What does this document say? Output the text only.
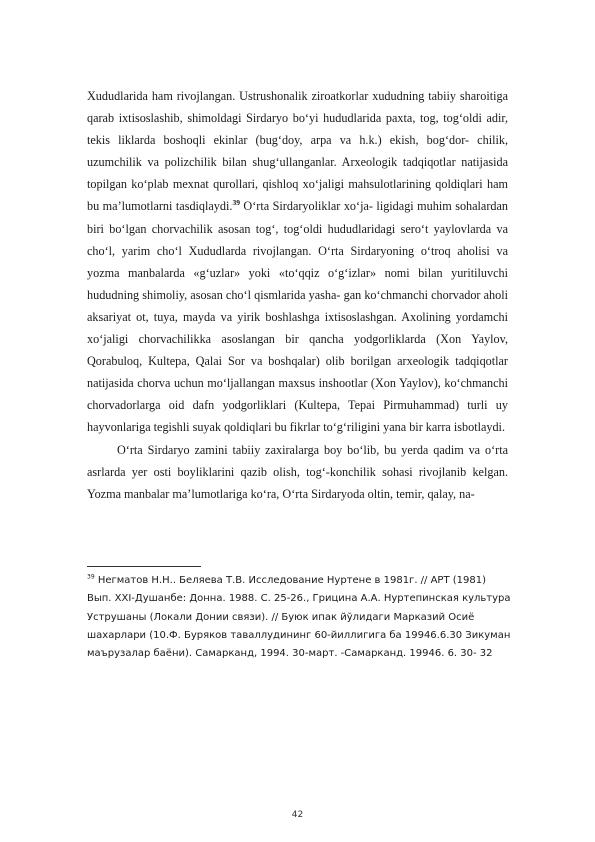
Xududlarida ham rivojlangan. Ustrushonalik ziroatkorlar xududning tabiiy sharoitiga qarab ixtisoslashib, shimoldagi Sirdaryo bo‘yi hududlarida paxta, tog, tog‘oldi adir, tekis liklarda boshoqli ekinlar (bug‘doy, arpa va h.k.) ekish, bog‘dor- chilik, uzumchilik va polizchilik bilan shug‘ullanganlar. Arxeologik tadqiqotlar natijasida topilgan ko‘plab mexnat qurollari, qishloq xo‘jaligi mahsulotlarining qoldiqlari ham bu ma’lumotlarni tasdiqlaydi.$^{39}$ O‘rta Sirdaryoliklar xo‘ja- ligidagi muhim sohalardan biri bo‘lgan chorvachilik asosan tog‘, tog‘oldi hududlaridagi sero‘t yaylovlarda va cho‘l, yarim cho‘l Xududlarda rivojlangan. O‘rta Sirdaryoning o‘troq aholisi va yozma manbalarda «g‘uzlar» yoki «to‘qqiz o‘g‘izlar» nomi bilan yuritiluvchi hududning shimoliy, asosan cho‘l qismlarida yasha- gan ko‘chmanchi chorvador aholi aksariyat ot, tuya, mayda va yirik boshlashga ixtisoslashgan. Axolining yordamchi xo‘jaligi chorvachilikka asoslangan bir qancha yodgorliklarda (Xon Yaylov, Qorabuloq, Kultepa, Qalai Sor va boshqalar) olib borilgan arxeologik tadqiqotlar natijasida chorva uchun mo‘ljallangan maxsus inshootlar (Xon Yaylov), ko‘chmanchi chorvadorlarga oid dafn yodgorliklari (Kultepa, Tepai Pirmuhammad) turli uy hayvonlariga tegishli suyak qoldiqlari bu fikrlar to‘g‘riligini yana bir karra isbotlaydi.

O‘rta Sirdaryo zamini tabiiy zaxiralarga boy bo‘lib, bu yerda qadim va o‘rta asrlarda yer osti boyliklarini qazib olish, tog‘-konchilik sohasi rivojlanib kelgan. Yozma manbalar ma’lumotlariga ko‘ra, O‘rta Sirdaryoda oltin, temir, qalay, na-

$^{39}$ Негматов Н.Н.. Беляева Т.В. Исследование Нуртене в 1981г. // АРТ (1981) Вып. XXI-Душанбе: Донна. 1988. С. 25-26., Грицина А.А. Нуртепинская культура Уструшаны (Локали Донии связи). // Буюк ипак йўлидаги Марказий Осиё шахарлари (10.Ф. Буряков таваллудининг 60-йиллигига ба 19946.6.30 Зикуман маърузалар баёни). Самарканд, 1994. 30-март. -Самарканд. 19946. 6. 30- 32
42
